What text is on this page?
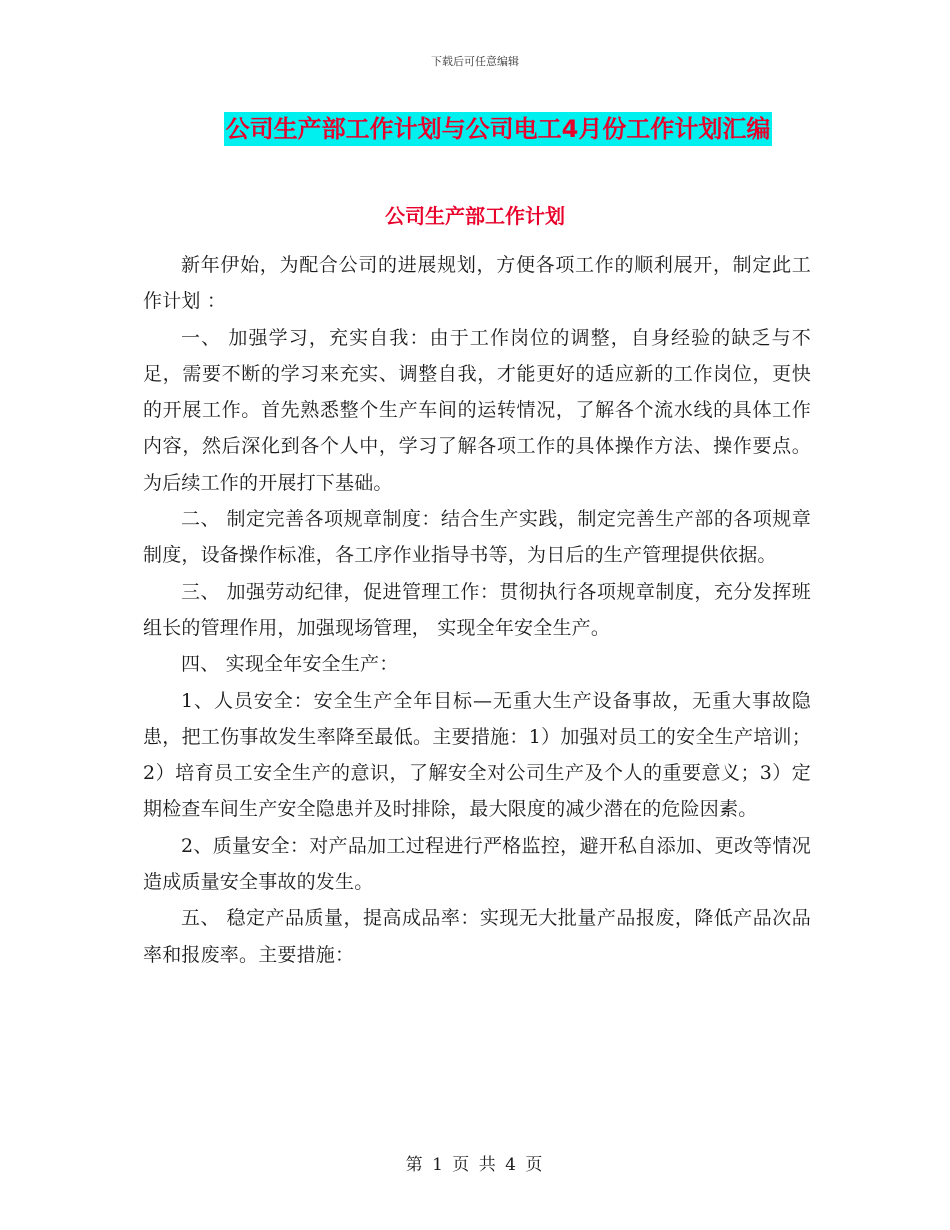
下载后可任意编辑
公司生产部工作计划与公司电工4月份工作计划汇编
公司生产部工作计划

新年伊始，为配合公司的进展规划，方便各项工作的顺利展开，制定此工作计划 ：

一、 加强学习，充实自我：由于工作岗位的调整，自身经验的缺乏与不足，需要不断的学习来充实、调整自我，才能更好的适应新的工作岗位，更快的开展工作。首先熟悉整个生产车间的运转情况，了解各个流水线的具体工作内容，然后深化到各个人中，学习了解各项工作的具体操作方法、操作要点。为后续工作的开展打下基础。

二、 制定完善各项规章制度：结合生产实践，制定完善生产部的各项规章制度，设备操作标准，各工序作业指导书等，为日后的生产管理提供依据。

三、 加强劳动纪律，促进管理工作：贯彻执行各项规章制度，充分发挥班组长的管理作用，加强现场管理， 实现全年安全生产。

四、 实现全年安全生产：

1、人员安全：安全生产全年目标—无重大生产设备事故，无重大事故隐患，把工伤事故发生率降至最低。主要措施：1）加强对员工的安全生产培训；2）培育员工安全生产的意识，了解安全对公司生产及个人的重要意义；3）定期检查车间生产安全隐患并及时排除，最大限度的减少潜在的危险因素。

2、质量安全：对产品加工过程进行严格监控，避开私自添加、更改等情况造成质量安全事故的发生。

五、 稳定产品质量，提高成品率：实现无大批量产品报废，降低产品次品率和报废率。主要措施：

第 1 页 共 4 页
